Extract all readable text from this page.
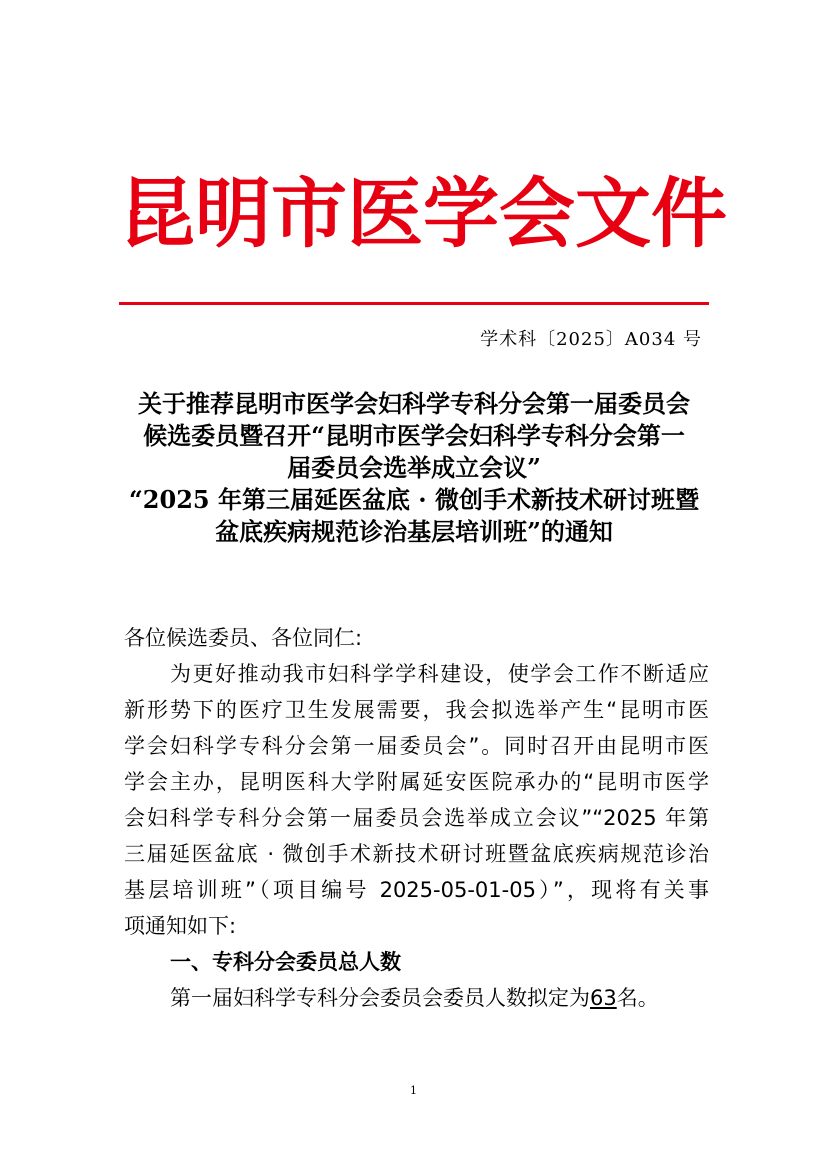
昆 明 市 医 学 会 文 件
学术科〔2025〕A034 号
关于推荐昆明市医学会妇科学专科分会第一届委员会
候选委员暨召开“昆明市医学会妇科学专科分会第一
届委员会选举成立会议”
“2025 年第三届延医盆底 · 微创手术新技术研讨班暨
盆底疾病规范诊治基层培训班”的通知
各位候选委员、各位同仁:
为更好推动我市妇科学学科建设，使学会工作不断适应
新形势下的医疗卫生发展需要，我会拟选举产生“昆明市医
学会妇科学专科分会第一届委员会”。同时召开由昆明市医
学会主办，昆明医科大学附属延安医院承办的“昆明市医学
会妇科学专科分会第一届委员会选举成立会议”“2025 年第
三届延医盆底 · 微创手术新技术研讨班暨盆底疾病规范诊治
基层培训班”（项目编号 2025-05-01-05）”，现将有关事
项通知如下:
一、专科分会委员总人数
第一届妇科学专科分会委员会委员人数拟定为63名。
1
